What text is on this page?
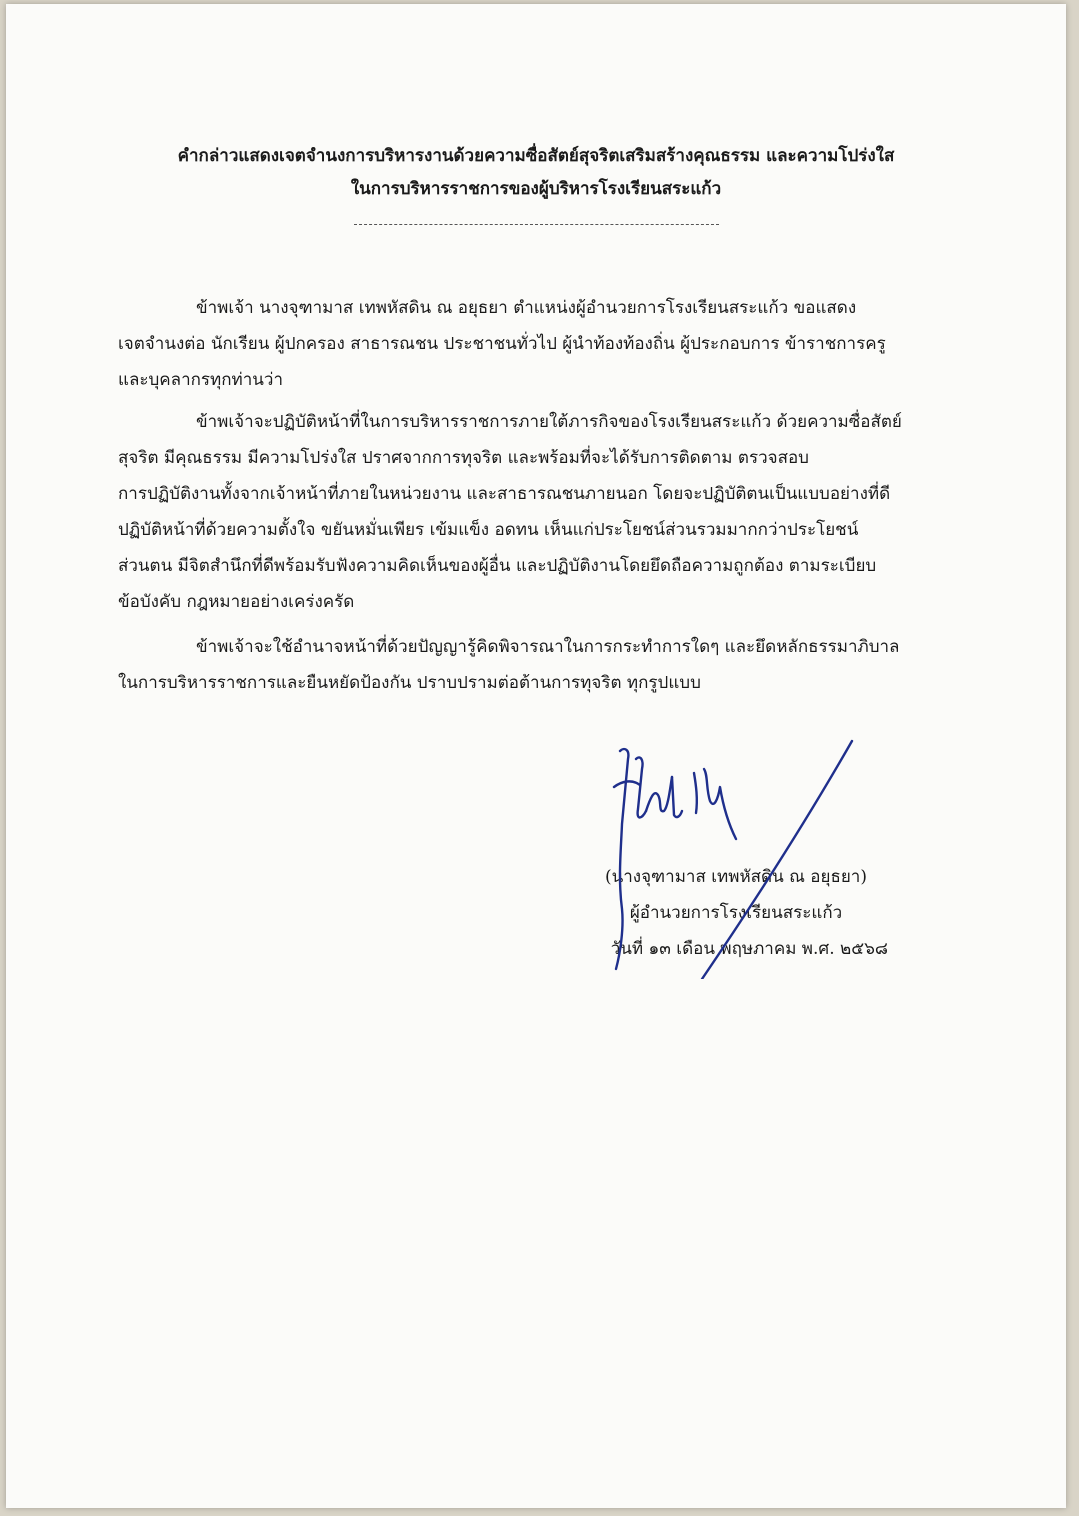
คำกล่าวแสดงเจตจำนงการบริหารงานด้วยความซื่อสัตย์สุจริตเสริมสร้างคุณธรรม และความโปร่งใส
ในการบริหารราชการของผู้บริหารโรงเรียนสระแก้ว
ข้าพเจ้า นางจุฑามาส เทพหัสดิน ณ อยุธยา ตำแหน่งผู้อำนวยการโรงเรียนสระแก้ว ขอแสดง
เจตจำนงต่อ นักเรียน ผู้ปกครอง สาธารณชน ประชาชนทั่วไป ผู้นำท้องท้องถิ่น ผู้ประกอบการ ข้าราชการครู
และบุคลากรทุกท่านว่า
ข้าพเจ้าจะปฏิบัติหน้าที่ในการบริหารราชการภายใต้ภารกิจของโรงเรียนสระแก้ว ด้วยความซื่อสัตย์
สุจริต มีคุณธรรม มีความโปร่งใส ปราศจากการทุจริต และพร้อมที่จะได้รับการติดตาม ตรวจสอบ
การปฏิบัติงานทั้งจากเจ้าหน้าที่ภายในหน่วยงาน และสาธารณชนภายนอก โดยจะปฏิบัติตนเป็นแบบอย่างที่ดี
ปฏิบัติหน้าที่ด้วยความตั้งใจ ขยันหมั่นเพียร เข้มแข็ง อดทน เห็นแก่ประโยชน์ส่วนรวมมากกว่าประโยชน์
ส่วนตน มีจิตสำนึกที่ดีพร้อมรับฟังความคิดเห็นของผู้อื่น และปฏิบัติงานโดยยึดถือความถูกต้อง ตามระเบียบ
ข้อบังคับ กฎหมายอย่างเคร่งครัด
ข้าพเจ้าจะใช้อำนาจหน้าที่ด้วยปัญญารู้คิดพิจารณาในการกระทำการใดๆ และยึดหลักธรรมาภิบาล
ในการบริหารราชการและยืนหยัดป้องกัน ปราบปรามต่อต้านการทุจริต ทุกรูปแบบ
(นางจุฑามาส เทพหัสดิน ณ อยุธยา)
ผู้อำนวยการโรงเรียนสระแก้ว
วันที่ ๑๓ เดือน พฤษภาคม พ.ศ. ๒๕๖๘
